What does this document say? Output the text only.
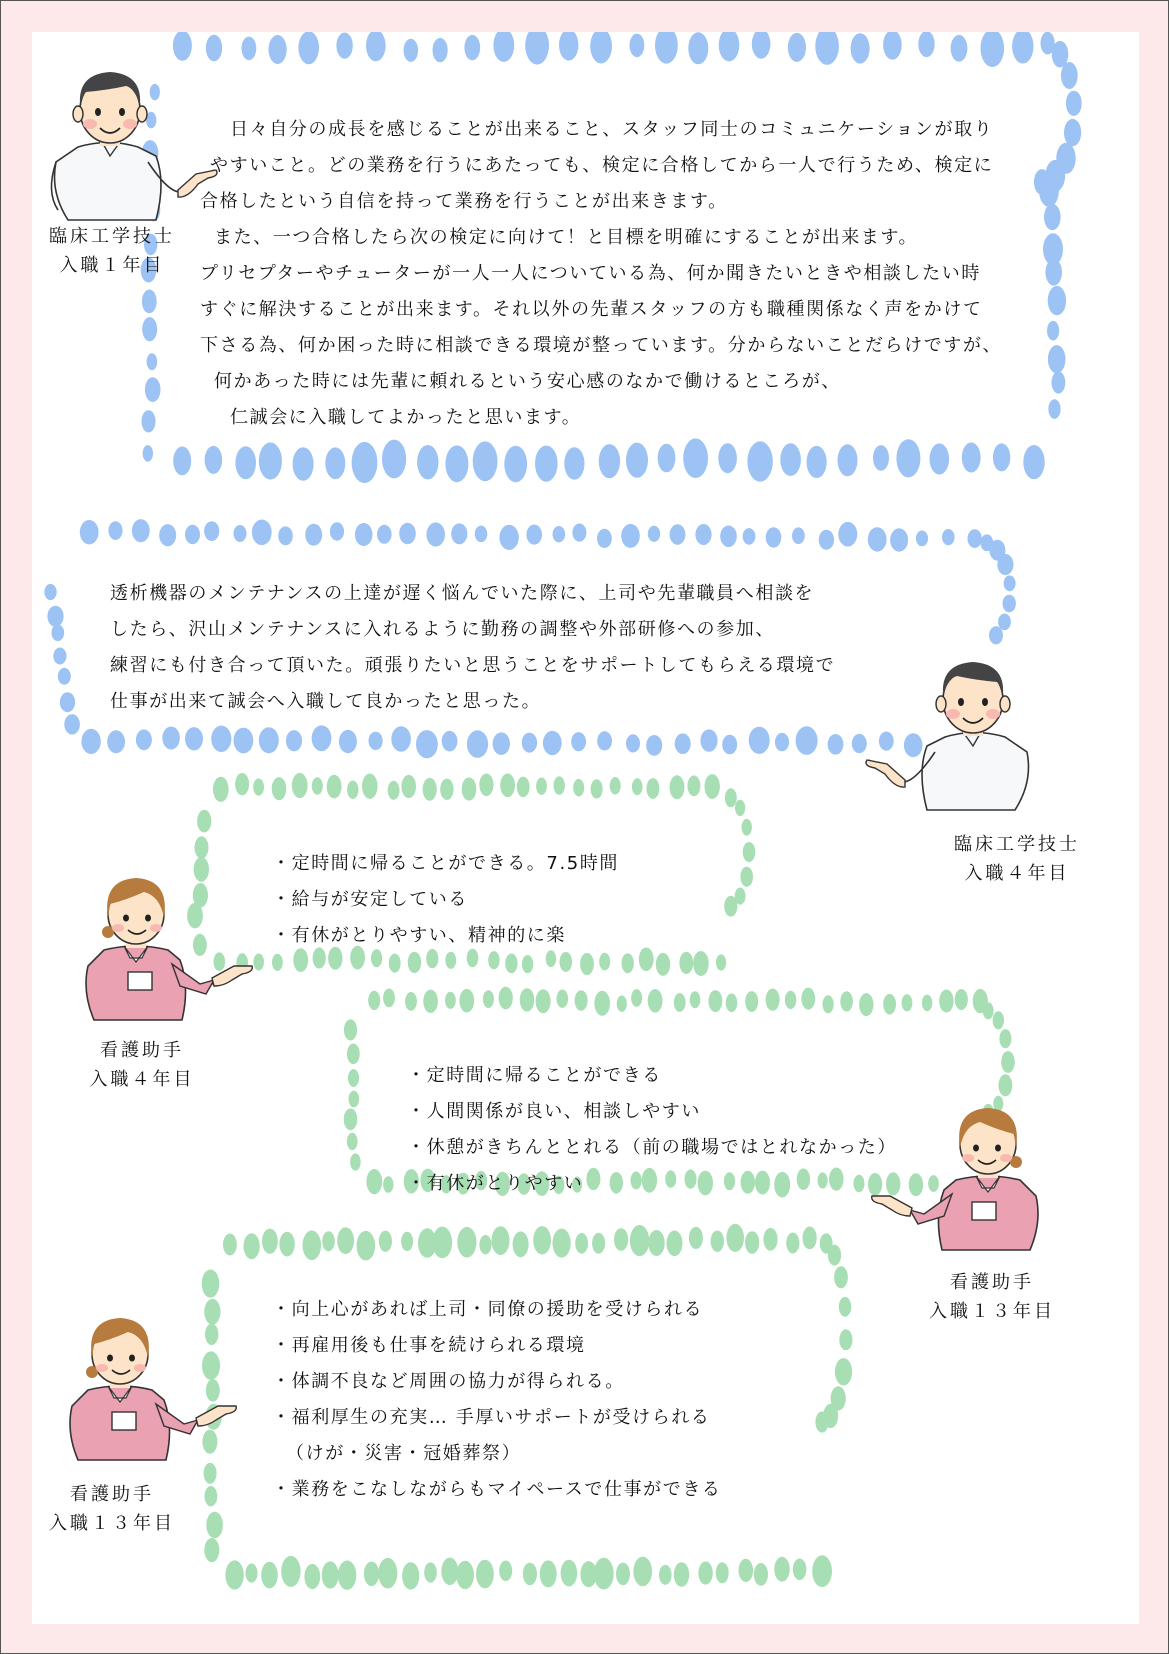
臨床工学技士
入職１年目
日々自分の成長を感じることが出来ること、スタッフ同士のコミュニケーションが取り
やすいこと。どの業務を行うにあたっても、検定に合格してから一人で行うため、検定に
合格したという自信を持って業務を行うことが出来きます。
また、一つ合格したら次の検定に向けて！と目標を明確にすることが出来ます。
プリセプターやチューターが一人一人についている為、何か聞きたいときや相談したい時
すぐに解決することが出来ます。それ以外の先輩スタッフの方も職種関係なく声をかけて
下さる為、何か困った時に相談できる環境が整っています。分からないことだらけですが、
何かあった時には先輩に頼れるという安心感のなかで働けるところが、
仁誠会に入職してよかったと思います。
透析機器のメンテナンスの上達が遅く悩んでいた際に、上司や先輩職員へ相談を
したら、沢山メンテナンスに入れるように勤務の調整や外部研修への参加、
練習にも付き合って頂いた。頑張りたいと思うことをサポートしてもらえる環境で
仕事が出来て誠会へ入職して良かったと思った。
臨床工学技士
入職４年目
看護助手
入職４年目
・定時間に帰ることができる。7.5時間
・給与が安定している
・有休がとりやすい、精神的に楽
・定時間に帰ることができる
・人間関係が良い、相談しやすい
・休憩がきちんととれる（前の職場ではとれなかった）
・有休がとりやすい
看護助手
入職１３年目
看護助手
入職１３年目
・向上心があれば上司・同僚の援助を受けられる
・再雇用後も仕事を続けられる環境
・体調不良など周囲の協力が得られる。
・福利厚生の充実… 手厚いサポートが受けられる
（けが・災害・冠婚葬祭）
・業務をこなしながらもマイペースで仕事ができる
